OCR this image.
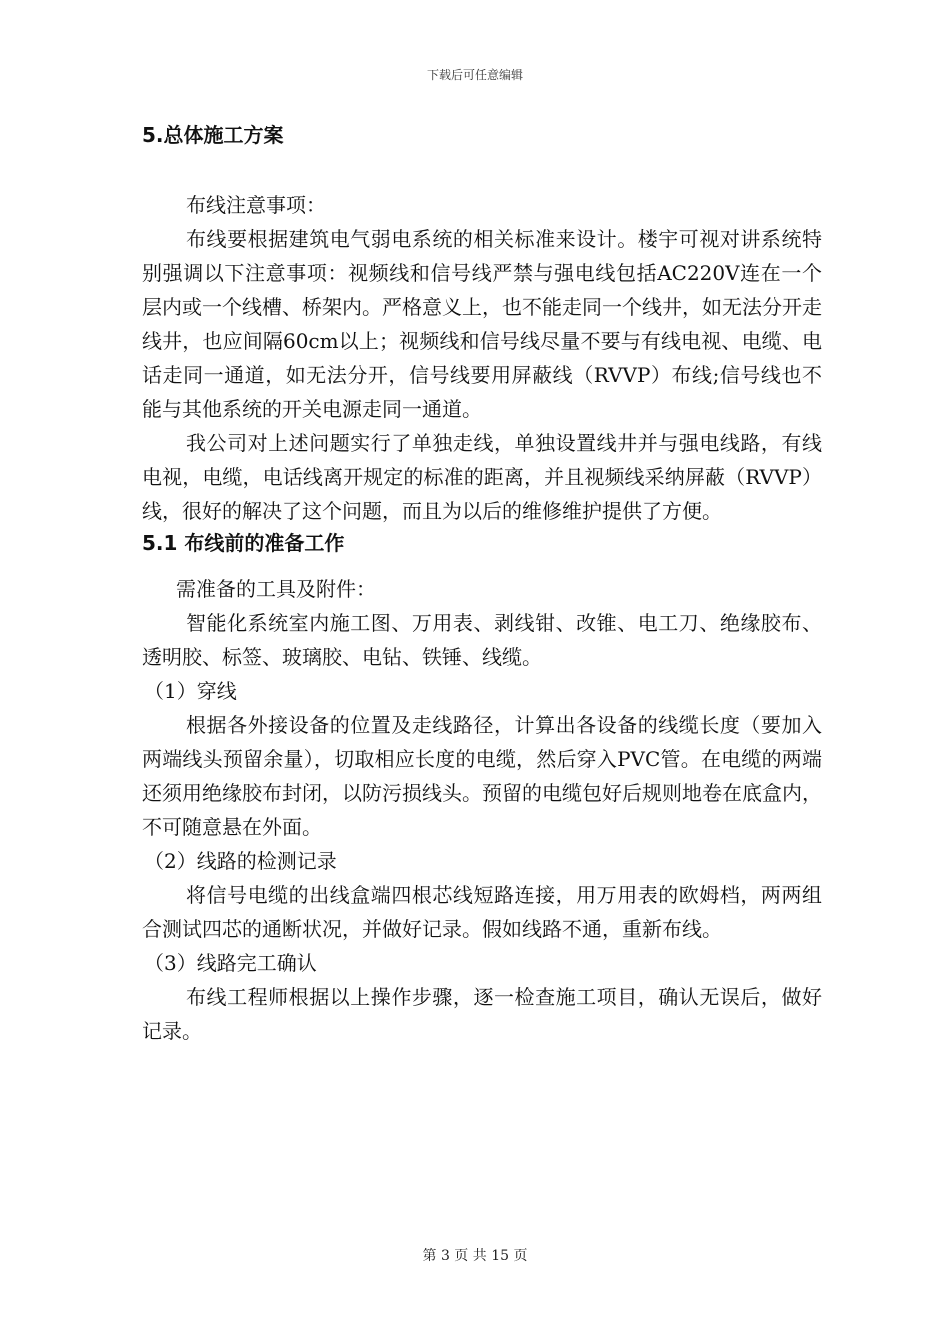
下载后可任意编辑
5.总体施工方案

布线注意事项：

布线要根据建筑电气弱电系统的相关标准来设计。楼宇可视对讲系统特别强调以下注意事项：视频线和信号线严禁与强电线包括AC220V连在一个层内或一个线槽、桥架内。严格意义上，也不能走同一个线井，如无法分开走线井，也应间隔60cm以上；视频线和信号线尽量不要与有线电视、电缆、电话走同一通道，如无法分开，信号线要用屏蔽线（RVVP）布线;信号线也不能与其他系统的开关电源走同一通道。

我公司对上述问题实行了单独走线，单独设置线井并与强电线路，有线电视，电缆，电话线离开规定的标准的距离，并且视频线采纳屏蔽（RVVP）线，很好的解决了这个问题，而且为以后的维修维护提供了方便。

5.1 布线前的准备工作

需准备的工具及附件：

智能化系统室内施工图、万用表、剥线钳、改锥、电工刀、绝缘胶布、透明胶、标签、玻璃胶、电钻、铁锤、线缆。

（1）穿线

根据各外接设备的位置及走线路径，计算出各设备的线缆长度（要加入两端线头预留余量），切取相应长度的电缆，然后穿入PVC管。在电缆的两端还须用绝缘胶布封闭，以防污损线头。预留的电缆包好后规则地卷在底盒内，不可随意悬在外面。

（2）线路的检测记录

将信号电缆的出线盒端四根芯线短路连接，用万用表的欧姆档，两两组合测试四芯的通断状况，并做好记录。假如线路不通，重新布线。

（3）线路完工确认

布线工程师根据以上操作步骤，逐一检查施工项目，确认无误后，做好记录。

第 3 页 共 15 页
